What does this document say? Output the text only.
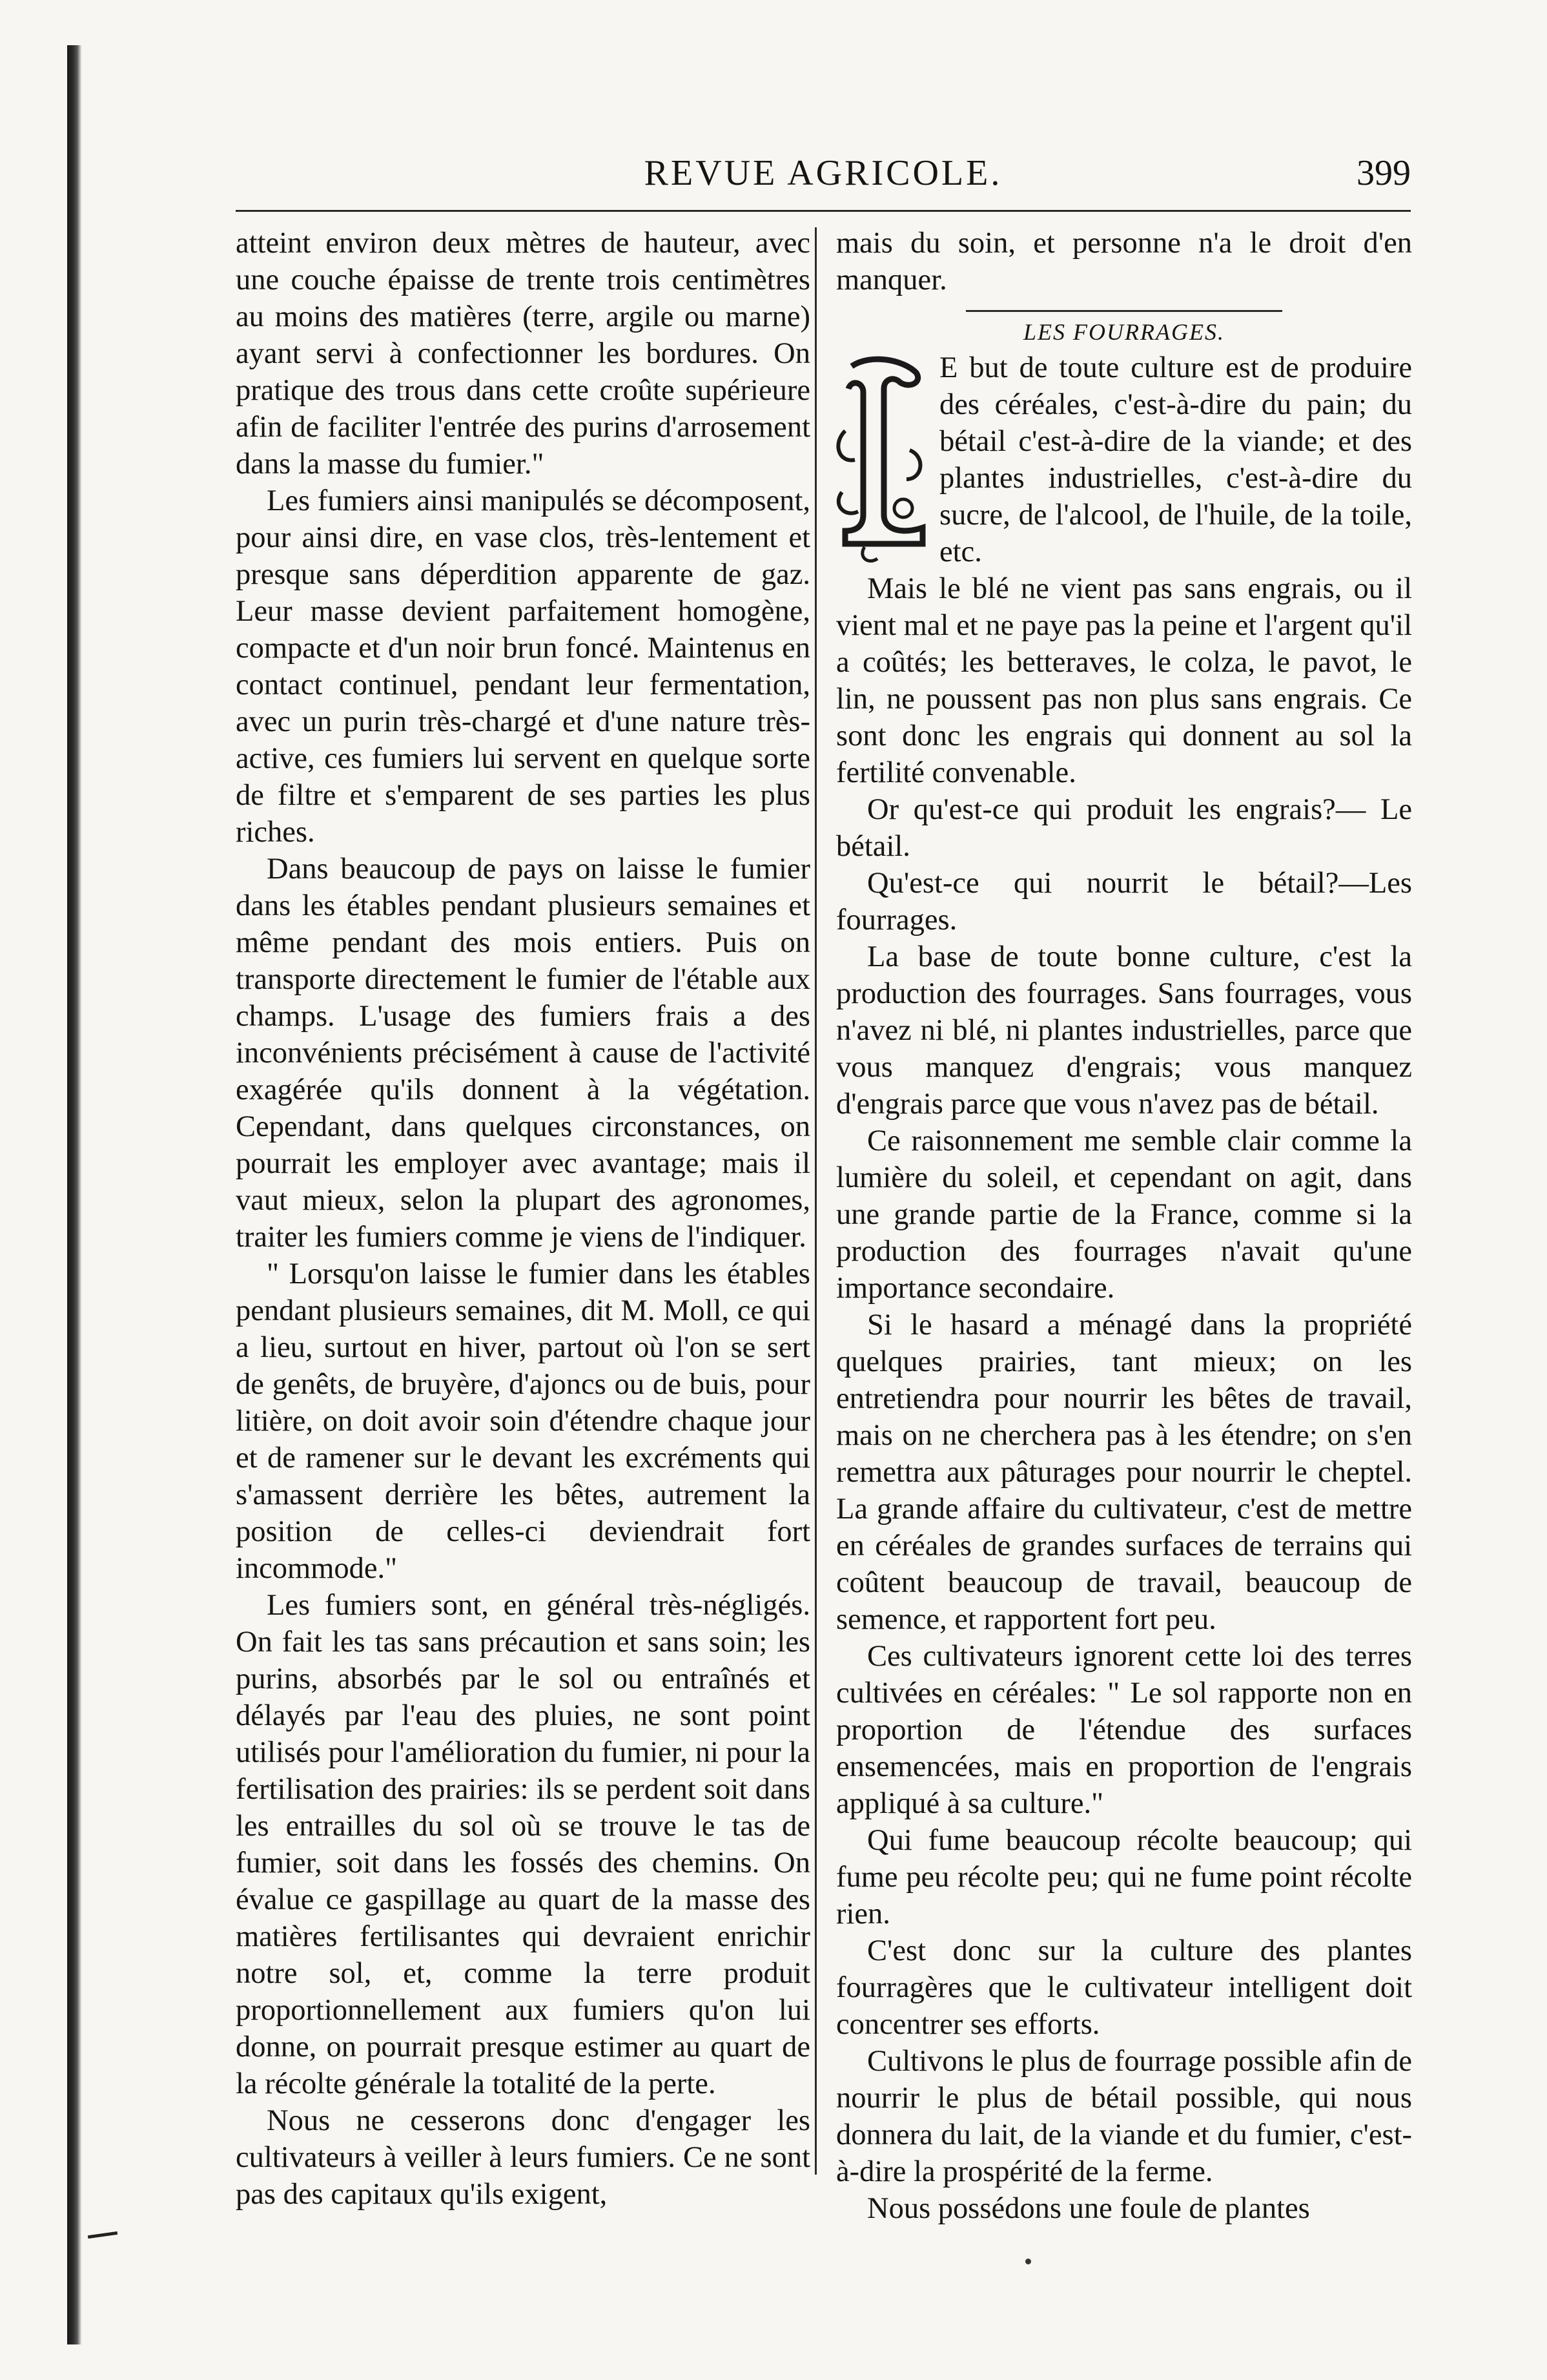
REVUE AGRICOLE.	399

atteint environ deux mètres de hauteur, avec une couche épaisse de trente trois centimètres au moins des matières (terre, argile ou marne) ayant servi à confectionner les bordures. On pratique des trous dans cette croûte supérieure afin de faciliter l'entrée des purins d'arrosement dans la masse du fumier."

Les fumiers ainsi manipulés se décomposent, pour ainsi dire, en vase clos, très-lentement et presque sans déperdition apparente de gaz. Leur masse devient parfaitement homogène, compacte et d'un noir brun foncé. Maintenus en contact continuel, pendant leur fermentation, avec un purin très-chargé et d'une nature très-active, ces fumiers lui servent en quelque sorte de filtre et s'emparent de ses parties les plus riches.

Dans beaucoup de pays on laisse le fumier dans les étables pendant plusieurs semaines et même pendant des mois entiers. Puis on transporte directement le fumier de l'étable aux champs. L'usage des fumiers frais a des inconvénients précisément à cause de l'activité exagérée qu'ils donnent à la végétation. Cependant, dans quelques circonstances, on pourrait les employer avec avantage; mais il vaut mieux, selon la plupart des agronomes, traiter les fumiers comme je viens de l'indiquer.

" Lorsqu'on laisse le fumier dans les étables pendant plusieurs semaines, dit M. Moll, ce qui a lieu, surtout en hiver, partout où l'on se sert de genêts, de bruyère, d'ajoncs ou de buis, pour litière, on doit avoir soin d'étendre chaque jour et de ramener sur le devant les excréments qui s'amassent derrière les bêtes, autrement la position de celles-ci deviendrait fort incommode."

Les fumiers sont, en général très-négligés. On fait les tas sans précaution et sans soin; les purins, absorbés par le sol ou entraînés et délayés par l'eau des pluies, ne sont point utilisés pour l'amélioration du fumier, ni pour la fertilisation des prairies: ils se perdent soit dans les entrailles du sol où se trouve le tas de fumier, soit dans les fossés des chemins. On évalue ce gaspillage au quart de la masse des matières fertilisantes qui devraient enrichir notre sol, et, comme la terre produit proportionnellement aux fumiers qu'on lui donne, on pourrait presque estimer au quart de la récolte générale la totalité de la perte.

Nous ne cesserons donc d'engager les cultivateurs à veiller à leurs fumiers. Ce ne sont pas des capitaux qu'ils exigent,

mais du soin, et personne n'a le droit d'en manquer.

LES FOURRAGES.

E but de toute culture est de produire des céréales, c'est-à-dire du pain; du bétail c'est-à-dire de la viande; et des plantes industrielles, c'est-à-dire du sucre, de l'alcool, de l'huile, de la toile, etc.

Mais le blé ne vient pas sans engrais, ou il vient mal et ne paye pas la peine et l'argent qu'il a coûtés; les betteraves, le colza, le pavot, le lin, ne poussent pas non plus sans engrais. Ce sont donc les engrais qui donnent au sol la fertilité convenable.

Or qu'est-ce qui produit les engrais?— Le bétail.

Qu'est-ce qui nourrit le bétail?—Les fourrages.

La base de toute bonne culture, c'est la production des fourrages. Sans fourrages, vous n'avez ni blé, ni plantes industrielles, parce que vous manquez d'engrais; vous manquez d'engrais parce que vous n'avez pas de bétail.

Ce raisonnement me semble clair comme la lumière du soleil, et cependant on agit, dans une grande partie de la France, comme si la production des fourrages n'avait qu'une importance secondaire.

Si le hasard a ménagé dans la propriété quelques prairies, tant mieux; on les entretiendra pour nourrir les bêtes de travail, mais on ne cherchera pas à les étendre; on s'en remettra aux pâturages pour nourrir le cheptel. La grande affaire du cultivateur, c'est de mettre en céréales de grandes surfaces de terrains qui coûtent beaucoup de travail, beaucoup de semence, et rapportent fort peu.

Ces cultivateurs ignorent cette loi des terres cultivées en céréales: " Le sol rapporte non en proportion de l'étendue des surfaces ensemencées, mais en proportion de l'engrais appliqué à sa culture."

Qui fume beaucoup récolte beaucoup; qui fume peu récolte peu; qui ne fume point récolte rien.

C'est donc sur la culture des plantes fourragères que le cultivateur intelligent doit concentrer ses efforts.

Cultivons le plus de fourrage possible afin de nourrir le plus de bétail possible, qui nous donnera du lait, de la viande et du fumier, c'est-à-dire la prospérité de la ferme.

Nous possédons une foule de plantes
